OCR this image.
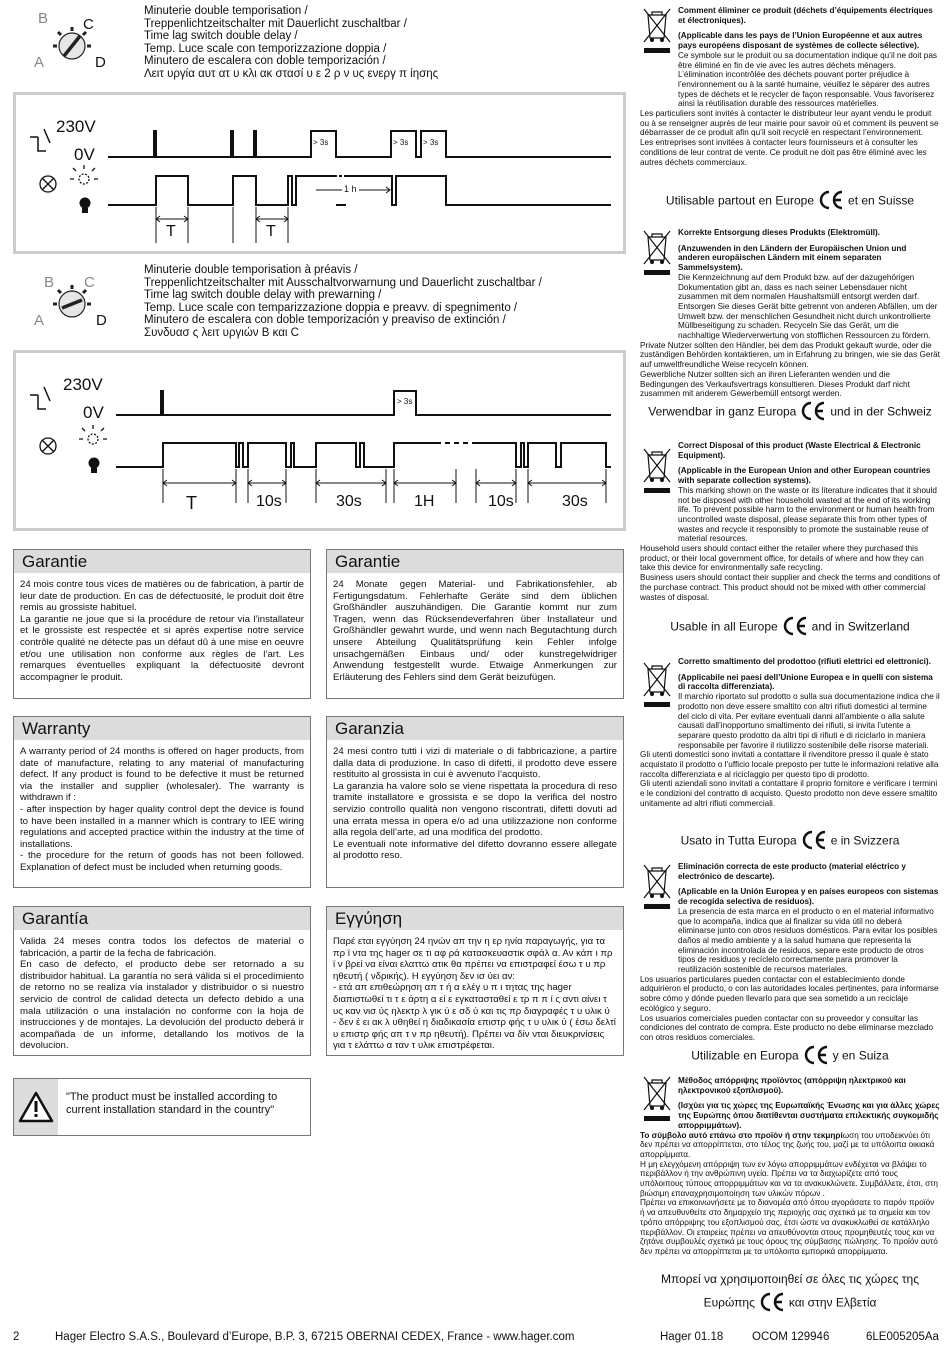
B C
A	D
Minuterie double temporisation /
Treppenlichtzeitschalter mit Dauerlicht zuschaltbar /
Time lag switch double delay /
Temp. Luce scale con temporizzazione doppia /
Minutero de escalera con doble temporización /
Λειτ υργία αυτ ατ υ κλι ακ στασί υ ε 2 ρ ν υς ενεργ π ίησης
230V
0V
> 3s	> 3s > 3s
1 h
T	T
B C
A	D
Minuterie double temporisation à préavis /
Treppenlichtzeitschalter mit Ausschaltvorwarnung und Dauerlicht zuschaltbar /
Time lag switch double delay with prewarning /
Temp. Luce scale con temparizzazione doppia e preavv. di spegnimento /
Minutero de escalera con doble temporización y preaviso de extinción /
Συνδυασ ς λειτ υργιών Β και C
230V
0V
> 3s
T	10s	30s	1H	10s	30s
Garantie

24 mois contre tous vices de matières ou de fabrication, à partir de leur date de production. En cas de défectuosité, le produit doit être remis au grossiste habituel.

La garantie ne joue que si la procédure de retour via l’installateur et le grossiste est respectée et si après expertise notre service contrôle qualité ne détecte pas un défaut dû à une mise en oeuvre et/ou une utilisation non conforme aux règles de l’art. Les remarques éventuelles expliquant la défectuosité devront accompagner le produit.

Garantie

24 Monate gegen Material- und Fabrikationsfehler, ab Fertigungsdatum. Fehlerhafte Geräte sind dem üblichen Großhändler auszuhändigen. Die Garantie kommt nur zum Tragen, wenn das Rücksendeverfahren über Installateur und Großhändler gewahrt wurde, und wenn nach Begutachtung durch unsere Abteilung Qualitätsprüfung kein Fehler infolge unsachgemäßen Einbaus und/ oder kunstregelwidriger Anwendung festgestellt wurde. Etwaige Anmerkungen zur Erläuterung des Fehlers sind dem Gerät beizufügen.

Warranty

A warranty period of 24 months is offered on hager products, from date of manufacture, relating to any material of manufacturing defect. If any product is found to be defective it must be returned via the installer and supplier (wholesaler). The warranty is withdrawn if :

- after inspection by hager quality control dept the device is found to have been installed in a manner which is contrary to IEE wiring regulations and accepted practice within the industry at the time of installations.

- the procedure for the return of goods has not been followed. Explanation of defect must be included when returning goods.

Garanzia

24 mesi contro tutti i vizi di materiale o di fabbricazione, a partire dalla data di produzione. In caso di difetti, il prodotto deve essere restituito al grossista in cui è avvenuto l’acquisto.

La garanzia ha valore solo se viene rispettata la procedura di reso tramite installatore e grossista e se dopo la verifica del nostro servizio controllo qualità non vengono riscontrati, difetti dovuti ad una errata messa in opera e/o ad una utilizzazione non conforme alla regola dell’arte, ad una modifica del prodotto.

Le eventuali note informative del difetto dovranno essere allegate al prodotto reso.

Garantía

Valida 24 meses contra todos los defectos de material o fabricación, a partir de la fecha de fabricación.

En caso de defecto, el producto debe ser retornado a su distribuidor habitual. La garantía no será válida si el procedimiento de retorno no se realiza vía instalador y distribuidor o si nuestro servicio de control de calidad detecta un defecto debido a una mala utilización o una instalación no conforme con la hoja de instrucciones y de montajes. La devolución del producto deberá ir acompañada de un informe, detallando los motivos de la devolucion.

Εγγύηση

Παρέ εται εγγύηση 24 ηνών απ την η ερ ηνία παραγωγής, για τα πρ ϊ ντα της hager σε τι αφ ρά κατασκευαστικ σφάλ α. Αν κάπ ι πρ ϊ ν βρεί να είναι ελαττω ατικ θα πρέπει να επιστραφεί έσω τ υ πρ ηθευτή ( νδρικής). Η εγγύηση δεν ισ ύει αν:

- ετά απ επιθεώρηση απ τ ή α ελέγ υ π ι τητας της hager διαπιστωθεί τι τ ε άρτη α εί ε εγκατασταθεί ε τρ π π ί ς αντι αίνει τ υς καν νισ ύς ηλεκτρ λ γικ ύ ε σδ ύ και τις πρ διαγραφές τ υ υλικ ύ

- δεν έ ει ακ λ υθηθεί η διαδικασία επιστρ φής τ υ υλικ ύ ( έσω δελτί υ επιστρ φής απ τ ν πρ ηθευτή). Πρέπει να δίν νται διευκρινίσεις για τ ελάττω α ταν τ υλικ επιστρέφεται.

"The product must be installed according to current installation standard in the country"
Comment éliminer ce produit (déchets d’équipements électriques et électroniques).
(Applicable dans les pays de l’Union Européenne et aux autres pays européens disposant de systèmes de collecte sélective).

Ce symbole sur le produit ou sa documentation indique qu’il ne doit pas être éliminé en fin de vie avec les autres déchets ménagers. L’élimination incontrôlée des déchets pouvant porter préjudice à l’environnement ou à la santé humaine, veuillez le séparer des autres types de déchets et le recycler de façon responsable. Vous favoriserez ainsi la réutilisation durable des ressources matérielles.

Les particuliers sont invités à contacter le distributeur leur ayant vendu le produit ou à se renseigner auprès de leur mairie pour savoir où et comment ils peuvent se débarrasser de ce produit afin qu’il soit recyclé en respectant l’environnement.

Les entreprises sont invitées à contacter leurs fournisseurs et à consulter les conditions de leur contrat de vente. Ce produit ne doit pas être éliminé avec les autres déchets commerciaux.

Utilisable partout en Europe	et en Suisse
Korrekte Entsorgung dieses Produkts (Elektromüll).
(Anzuwenden in den Ländern der Europäischen Union und anderen europäischen Ländern mit einem separaten Sammelsystem).

Die Kennzeichnung auf dem Produkt bzw. auf der dazugehörigen Dokumentation gibt an, dass es nach seiner Lebensdauer nicht zusammen mit dem normalen Haushaltsmüll entsorgt werden darf. Entsorgen Sie dieses Gerät bitte getrennt von anderen Abfällen, um der Umwelt bzw. der menschlichen Gesundheit nicht durch unkontrollierte Müllbeseitigung zu schaden. Recyceln Sie das Gerät, um die nachhaltige Wiederverwertung von stofflichen Ressourcen zu fördern.

Private Nutzer sollten den Händler, bei dem das Produkt gekauft wurde, oder die zuständigen Behörden kontaktieren, um in Erfahrung zu bringen, wie sie das Gerät auf umweltfreundliche Weise recyceln können.

Gewerbliche Nutzer sollten sich an ihren Lieferanten wenden und die Bedingungen des Verkaufsvertrags konsultieren. Dieses Produkt darf nicht zusammen mit anderem Gewerbemüll entsorgt werden.

Verwendbar in ganz Europa	und in der Schweiz
Correct Disposal of this product (Waste Electrical & Electronic Equipment).
(Applicable in the European Union and other European countries with separate collection systems).

This marking shown on the waste or its literature indicates that it should not be disposed with other household wasted at the end of its working life. To prevent possible harm to the environment or human health from uncontrolled waste disposal, please separate this from other types of wastes and recycle it responsibly to promote the sustainable reuse of material resources.

Household users should contact either the retailer where they purchased this product, or their local government office, for details of where and how they can take this device for environmentally safe recycling.

Business users should contact their supplier and check the terms and conditions of the purchase contract. This product should not be mixed with other commercial wastes of disposal.

Usable in all Europe	and in Switzerland
Corretto smaltimento del prodottoo (rifiuti elettrici ed elettronici).
(Applicabile nei paesi dell’Unione Europea e in quelli con sistema di raccolta differenziata).

Il marchio riportato sul prodotto o sulla sua documentazione indica che il prodotto non deve essere smaltito con altri rifiuti domestici al termine del ciclo di vita. Per evitare eventuali danni all’ambiente o alla salute causati dall’inopportuno smaltimento dei rifiuti, si invita l’utente a separare questo prodotto da altri tipi di rifiuti e di riciclarlo in maniera responsabile per favorire il riutilizzo sostenibile delle risorse materiali.

Gli utenti domestici sono invitati a contattare il rivenditore presso il quale è stato acquistato il prodotto o l’ufficio locale preposto per tutte le informazioni relative alla raccolta differenziata e al riciclaggio per questo tipo di prodotto.

Gli utenti aziendali sono invitati a contattare il proprio fornitore e verificare i termini e le condizioni del contratto di acquisto. Questo prodotto non deve essere smaltito unitamente ad altri rifiuti commerciali.

Usato in Tutta Europa	e in Svizzera
Eliminación correcta de este producto (material eléctrico y electrónico de descarte).
(Aplicable en la Unión Europea y en países europeos con sistemas de recogida selectiva de residuos).

La presencia de esta marca en el producto o en el material informativo que lo acompaña, indica que al finalizar su vida útil no deberá eliminarse junto con otros residuos domésticos. Para evitar los posibles daños al medio ambiente y a la salud humana que representa la eliminación incontrolada de residuos, separe este producto de otros tipos de residuos y recíclelo correctamente para promover la reutilización sostenible de recursos materiales.

Los usuarios particulares pueden contactar con el establecimiento donde adquirieron el producto, o con las autoridades locales pertinentes, para informarse sobre cómo y dónde pueden llevarlo para que sea sometido a un reciclaje ecológico y seguro.

Los usuarios comerciales pueden contactar con su proveedor y consultar las condiciones del contrato de compra. Este producto no debe eliminarse mezclado con otros residuos comerciales.

Utilizable en Europa	y en Suiza
Μέθοδος απόρριψης προϊόντος (απόρριψη ηλεκτρικού και ηλεκτρονικού εξοπλισμού).
(Ισχύει για τις χώρες της Ευρωπαϊκής Ένωσης και για άλλες χώρες της Ευρώπης όπου διατίθενται συστήματα επιλεκτικής συγκομιδής απορριμμάτων).

Το σύμβολο αυτό επάνω στο προϊόν ή στην τεκμηρίωση του υποδεικνύει ότι δεν πρέπει να απορρίπτεται, στο τέλος της ζωής του, μαζί με τα υπόλοιπα οικιακά απορρίμματα.

Η μη ελεγχόμενη απόρριψη των εν λόγω απορριμμάτων ενδέχεται να βλάψει το περιβάλλον ή την ανθρώπινη υγεία. Πρέπει να τα διαχωρίζετε από τους υπόλοιπους τύπους απορριμμάτων και να τα ανακυκλώνετε. Συμβάλλετε, έτσι, στη βιώσιμη επαναχρησιμοποίηση των υλικών πόρων .

Πρέπει να επικοινωνήσετε με το διανομέα από όπου αγοράσατε το παρόν προϊόν ή να απευθυνθείτε στο δημαρχείο της περιοχής σας σχετικά με τα σημεία και τον τρόπο απόρριψης του εξοπλισμού σας, έτσι ώστε να ανακυκλωθεί σε κατάλληλο περιβάλλον. Οι εταιρείες πρέπει να απευθύνονται στους προμηθευτές τους και να ζητάνε συμβουλές σχετικά με τους όρους της σύμβασης πώλησης. Το προϊόν αυτό δεν πρέπει να απορρίπτεται με τα υπόλοιπα εμπορικά απορρίμματα.

Μπορεί να χρησιμοποιηθεί σε όλες τις χώρες της
Ευρώπης	και στην Ελβετία
2	Hager Electro S.A.S., Boulevard d’Europe, B.P. 3, 67215 OBERNAI CEDEX, France - www.hager.com	Hager 01.18 OCOM 129946	6LE005205Aa
